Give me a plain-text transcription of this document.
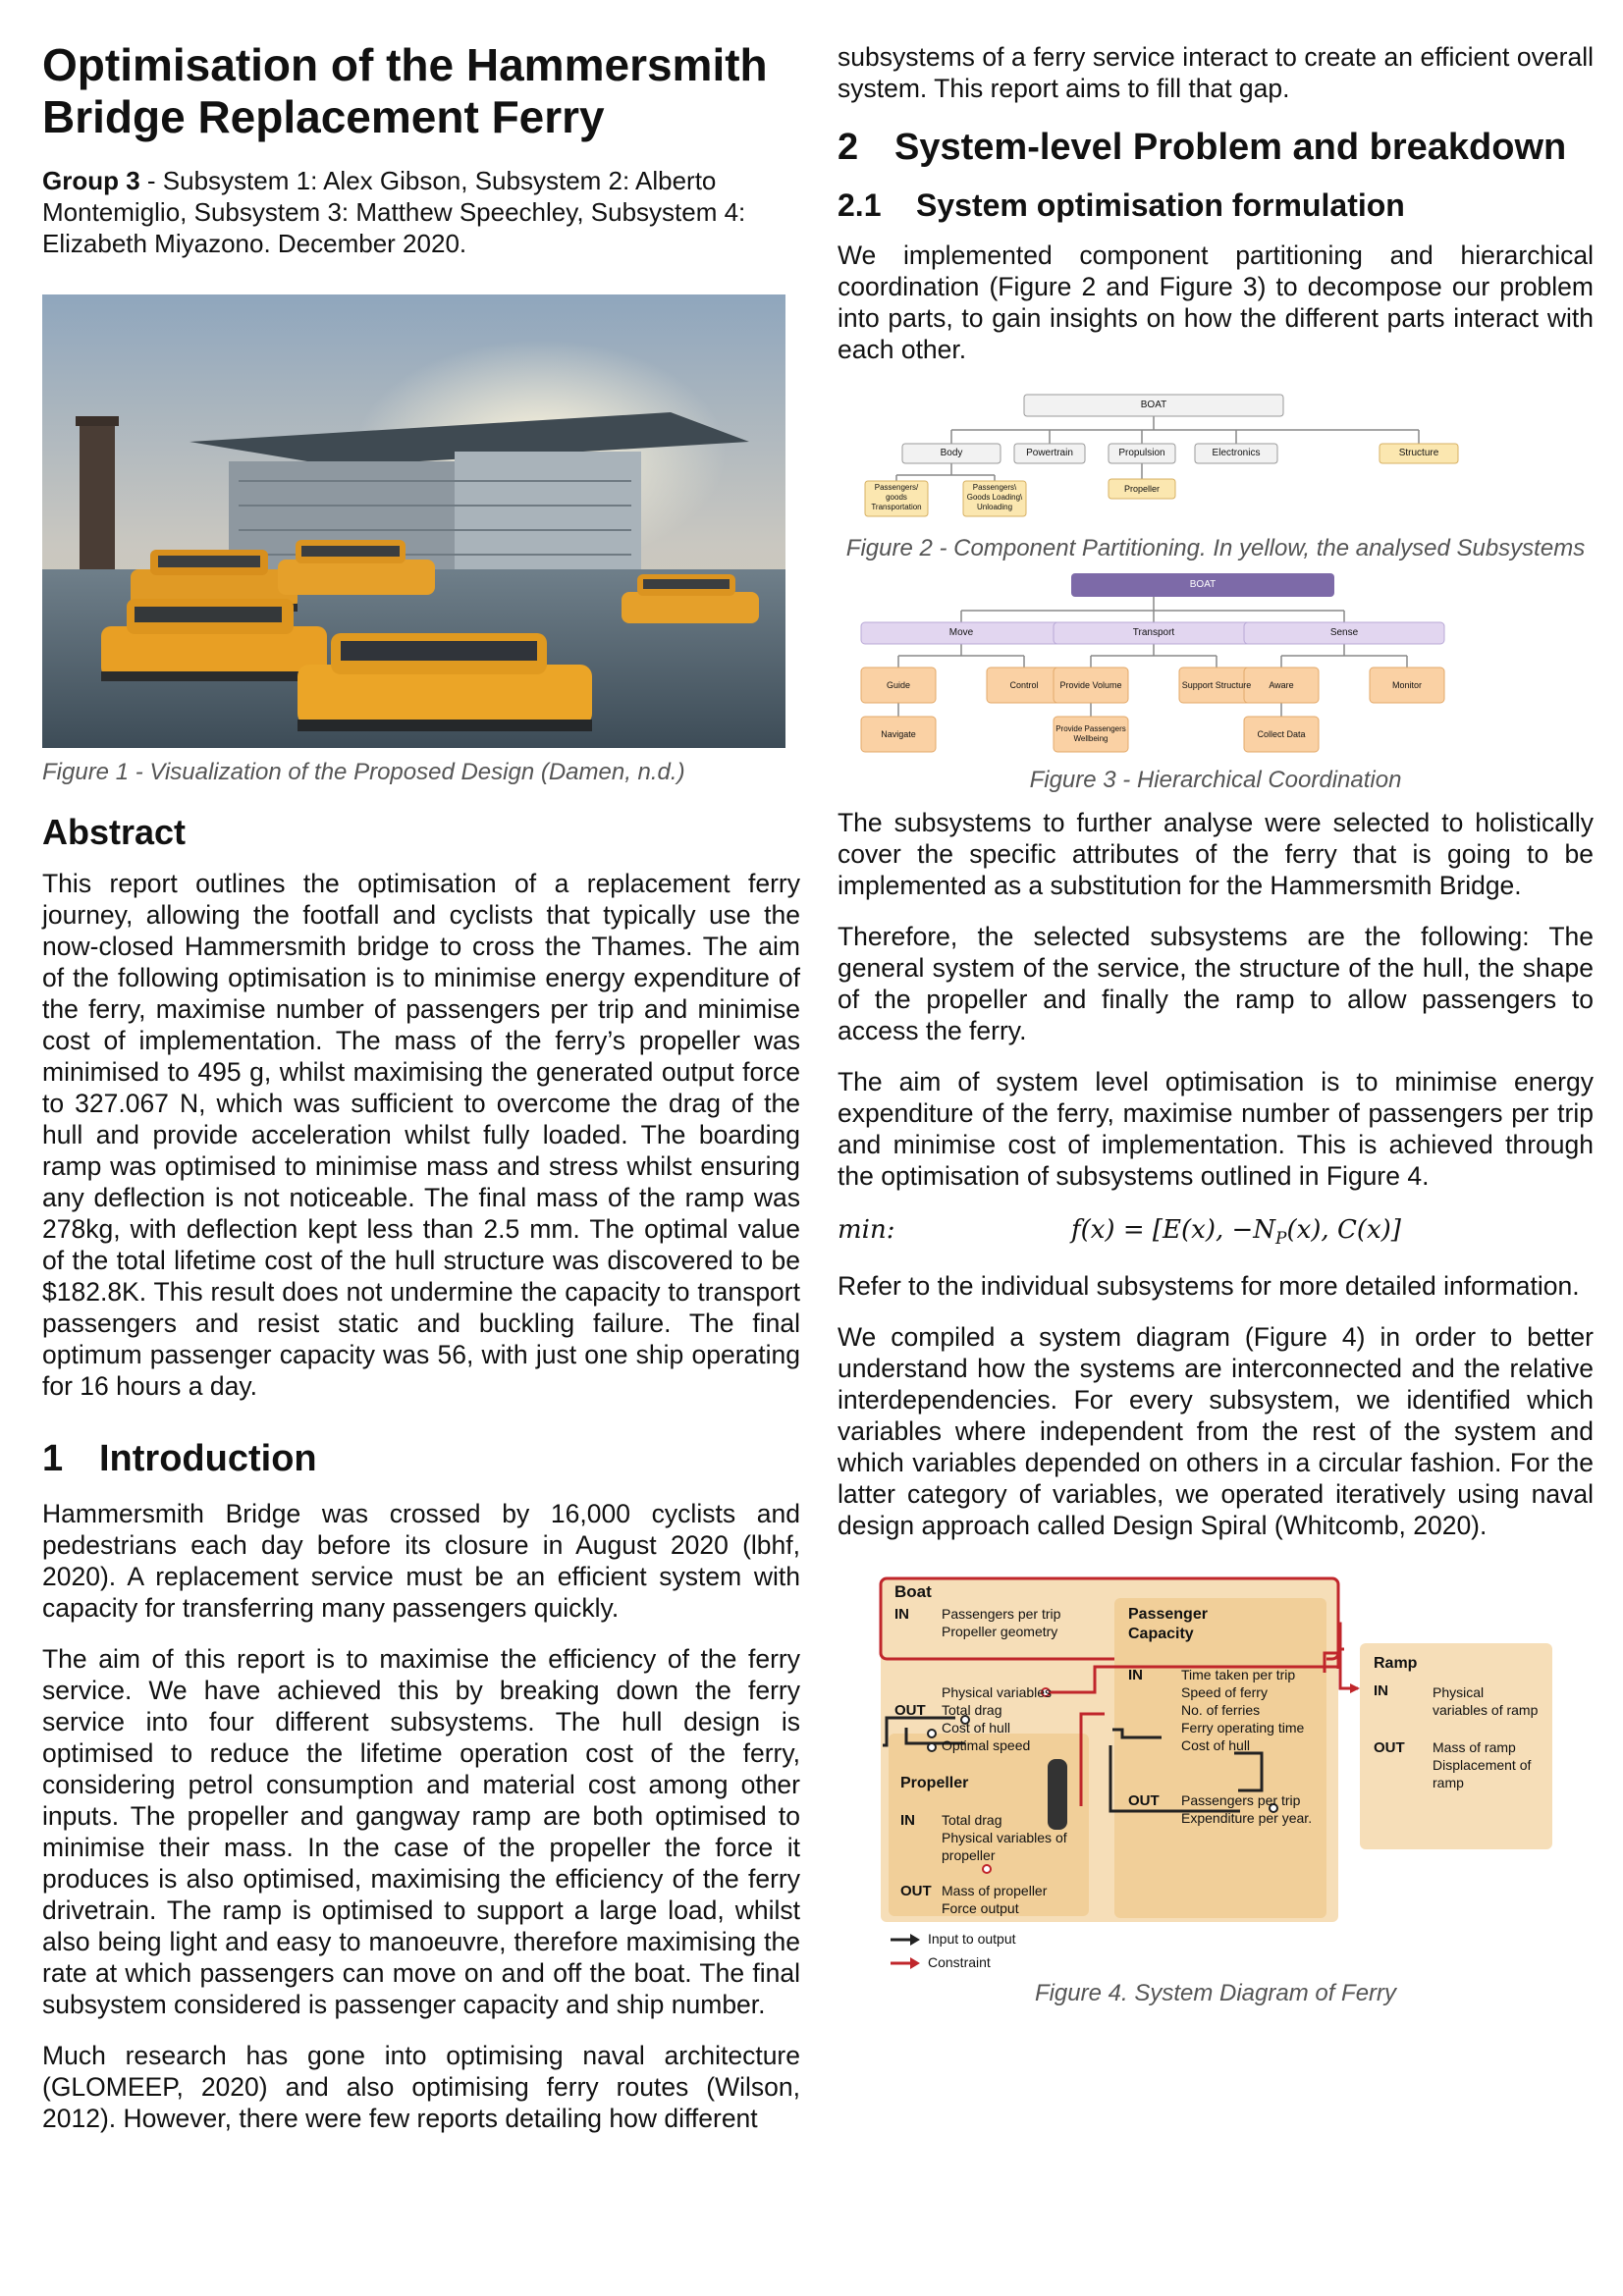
Optimisation of the Hammersmith Bridge Replacement Ferry
Group 3 - Subsystem 1: Alex Gibson, Subsystem 2: Alberto Montemiglio, Subsystem 3: Matthew Speechley, Subsystem 4: Elizabeth Miyazono. December 2020.
Figure 1 - Visualization of the Proposed Design (Damen, n.d.)
Abstract

This report outlines the optimisation of a replacement ferry journey, allowing the footfall and cyclists that typically use the now-closed Hammersmith bridge to cross the Thames. The aim of the following optimisation is to minimise energy expenditure of the ferry, maximise number of passengers per trip and minimise cost of implementation. The mass of the ferry’s propeller was minimised to 495 g, whilst maximising the generated output force to 327.067 N, which was sufficient to overcome the drag of the hull and provide acceleration whilst fully loaded. The boarding ramp was optimised to minimise mass and stress whilst ensuring any deflection is not noticeable. The final mass of the ramp was 278kg, with deflection kept less than 2.5 mm. The optimal value of the total lifetime cost of the hull structure was discovered to be $182.8K. This result does not undermine the capacity to transport passengers and resist static and buckling failure. The final optimum passenger capacity was 56, with just one ship operating for 16 hours a day.

1 Introduction

Hammersmith Bridge was crossed by 16,000 cyclists and pedestrians each day before its closure in August 2020 (lbhf, 2020). A replacement service must be an efficient system with capacity for transferring many passengers quickly.

The aim of this report is to maximise the efficiency of the ferry service. We have achieved this by breaking down the ferry service into four different subsystems. The hull design is optimised to reduce the lifetime operation cost of the ferry, considering petrol consumption and material cost among other inputs. The propeller and gangway ramp are both optimised to minimise their mass. In the case of the propeller the force it produces is also optimised, maximising the efficiency of the ferry drivetrain. The ramp is optimised to support a large load, whilst also being light and easy to manoeuvre, therefore maximising the rate at which passengers can move on and off the boat. The final subsystem considered is passenger capacity and ship number.

Much research has gone into optimising naval architecture (GLOMEEP, 2020) and also optimising ferry routes (Wilson, 2012). However, there were few reports detailing how different

subsystems of a ferry service interact to create an efficient overall system. This report aims to fill that gap.

2 System-level Problem and breakdown
2.1 System optimisation formulation

We implemented component partitioning and hierarchical coordination (Figure 2 and Figure 3) to decompose our problem into parts, to gain insights on how the different parts interact with each other.

BOAT
Body	Powertrain	Propulsion	Electronics	Structure
Passengers/ goods Transportation
Passengers\ Goods Loading\ Unloading
Propeller
Figure 2 - Component Partitioning. In yellow, the analysed Subsystems
BOAT
Move	Transport	Sense
Guide	Control	Provide Volume	Support Structure	Aware	Monitor
Navigate
Provide Passengers Wellbeing	Collect Data
Figure 3 - Hierarchical Coordination

The subsystems to further analyse were selected to holistically cover the specific attributes of the ferry that is going to be implemented as a substitution for the Hammersmith Bridge.

Therefore, the selected subsystems are the following: The general system of the service, the structure of the hull, the shape of the propeller and finally the ramp to allow passengers to access the ferry.

The aim of system level optimisation is to minimise energy expenditure of the ferry, maximise number of passengers per trip and minimise cost of implementation. This is achieved through the optimisation of subsystems outlined in Figure 4.

min:	f(x) = [E(x), $-N_P(x)$, C(x)]

Refer to the individual subsystems for more detailed information.

We compiled a system diagram (Figure 4) in order to better understand how the systems are interconnected and the relative interdependencies. For every subsystem, we identified which variables where independent from the rest of the system and which variables depended on others in a circular fashion. For the latter category of variables, we operated iteratively using naval design approach called Design Spiral (Whitcomb, 2020).

Boat
IN Passengers per trip
Propeller geometry
Physical variables
OUT Total drag
Cost of hull
Optimal speed
Propeller
IN Total drag
Physical variables of
propeller
OUT Mass of propeller
Force output
Passenger
Capacity
IN	Time taken per trip
Speed of ferry
No. of ferries
Ferry operating time
Cost of hull
OUT Passengers per trip
Expenditure per year.
Ramp
IN	Physical
variables of ramp
OUT Mass of ramp
Displacement of
ramp
Input to output
Constraint
Figure 4. System Diagram of Ferry
